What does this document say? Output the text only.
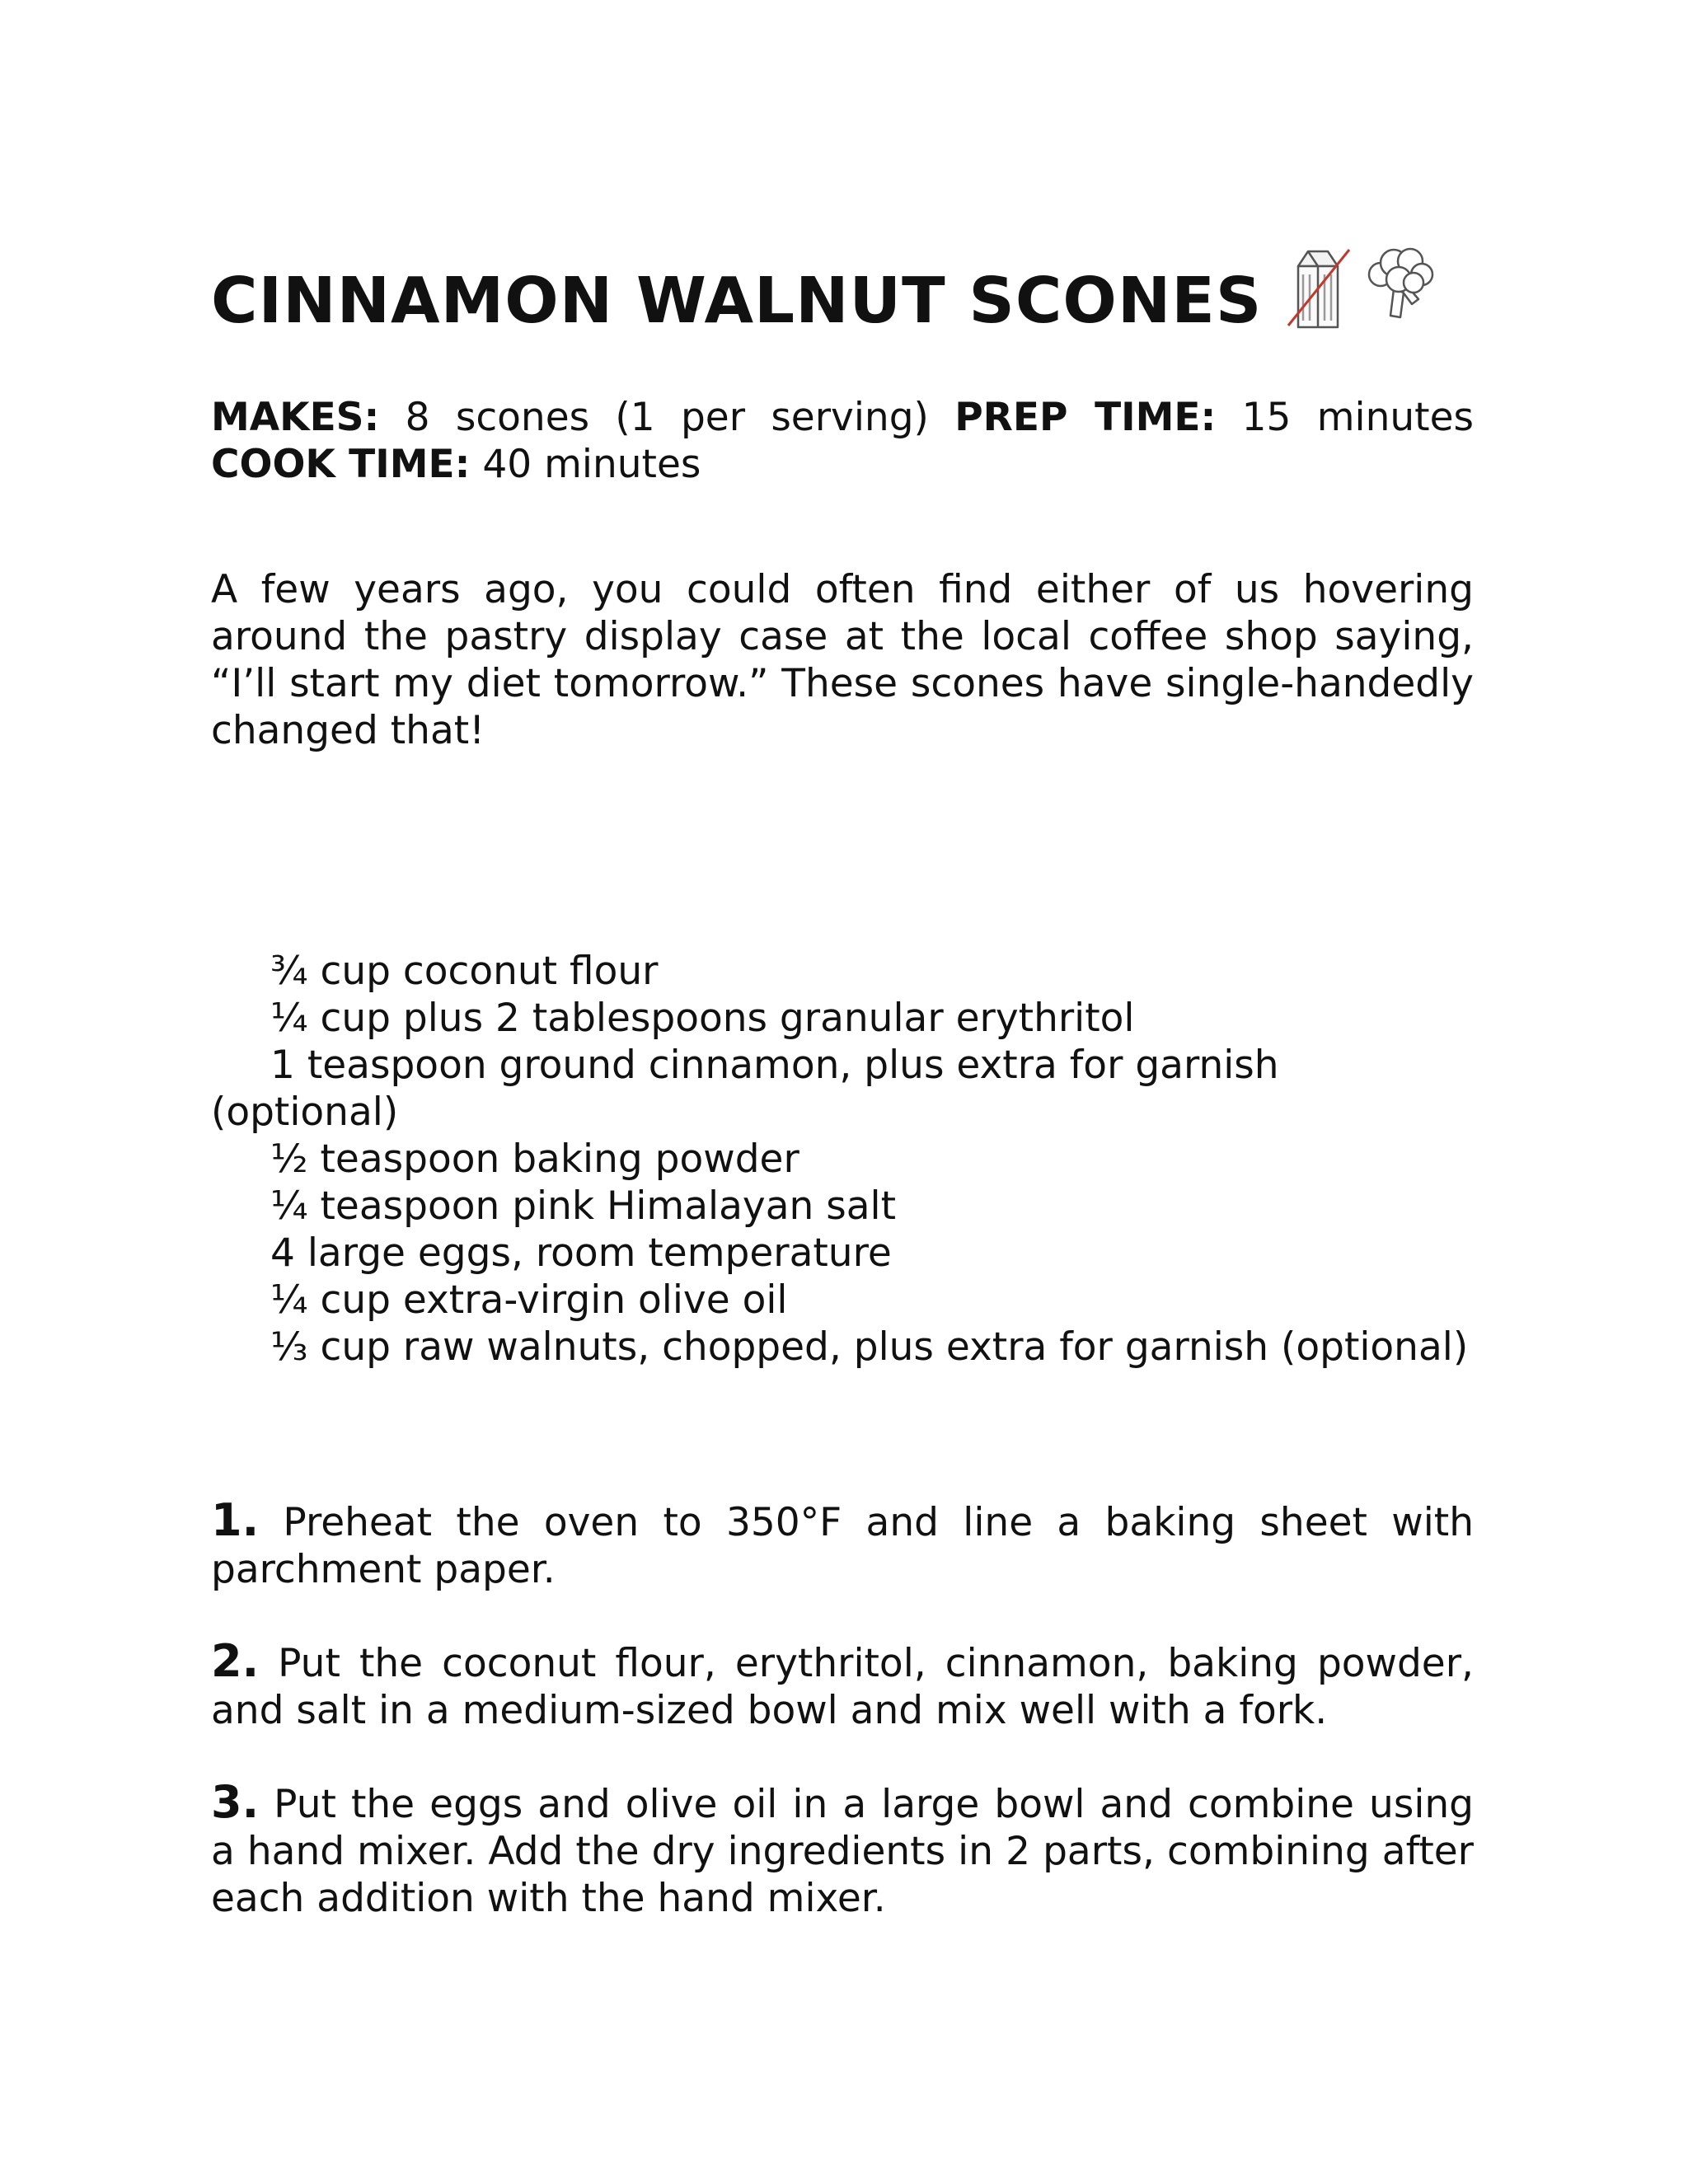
CINNAMON WALNUT SCONES
MAKES: 8 scones (1 per serving) PREP TIME: 15 minutes
COOK TIME: 40 minutes

A few years ago, you could often find either of us hovering around the pastry display case at the local coffee shop saying, “I’ll start my diet tomorrow.” These scones have single-handedly changed that!

¾ cup coconut flour
¼ cup plus 2 tablespoons granular erythritol
1 teaspoon ground cinnamon, plus extra for garnish (optional)
½ teaspoon baking powder
¼ teaspoon pink Himalayan salt
4 large eggs, room temperature
¼ cup extra-virgin olive oil
⅓ cup raw walnuts, chopped, plus extra for garnish (optional)
1. Preheat the oven to 350°F and line a baking sheet with parchment paper.
2. Put the coconut flour, erythritol, cinnamon, baking powder, and salt in a medium-sized bowl and mix well with a fork.
3. Put the eggs and olive oil in a large bowl and combine using a hand mixer. Add the dry ingredients in 2 parts, combining after each addition with the hand mixer.
